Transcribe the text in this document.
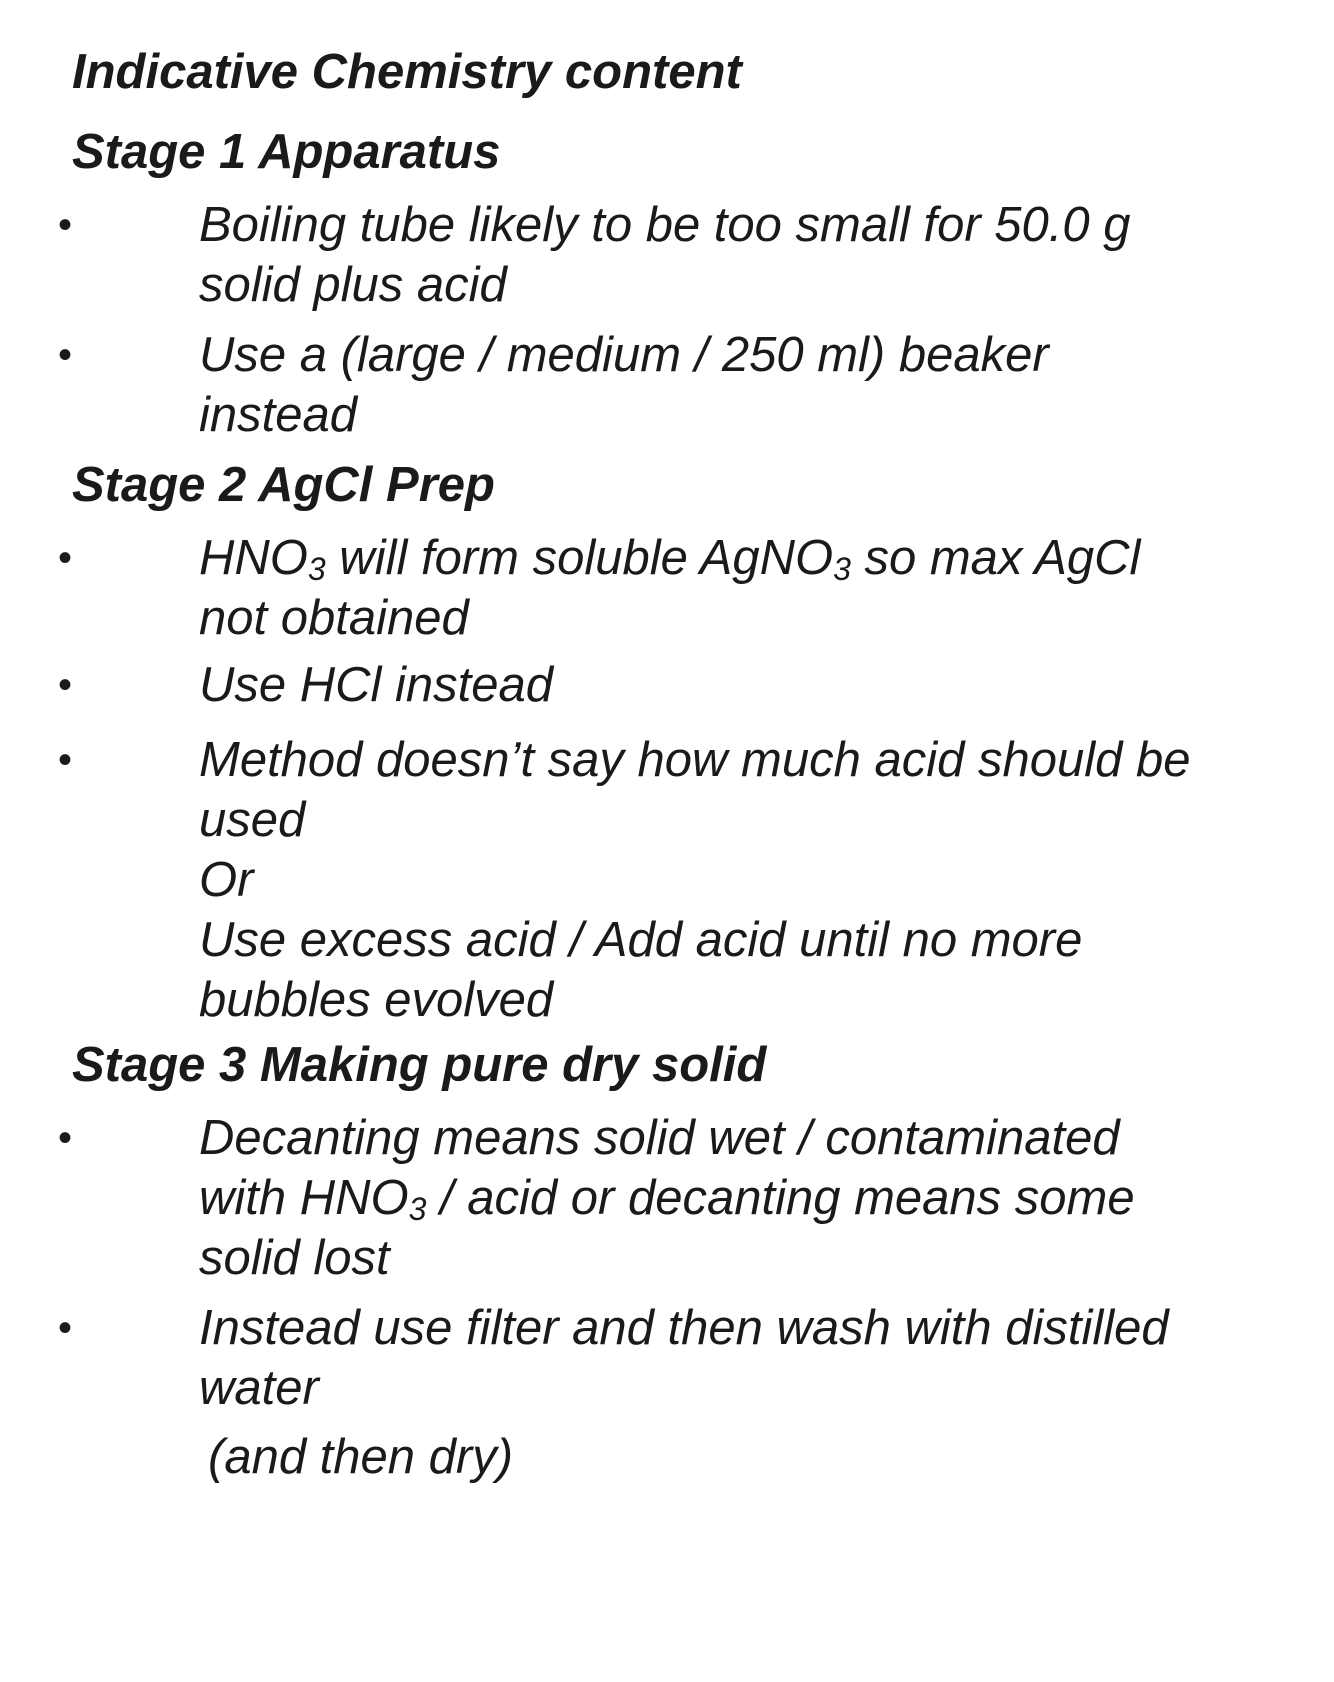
Indicative Chemistry content
Stage 1 Apparatus
•	Boiling tube likely to be too small for 50.0 g
solid plus acid
•	Use a (large / medium / 250 ml) beaker
instead
Stage 2 AgCl Prep
•	$HNO_3$ will form soluble AgNO$_3$ so max AgCl
not obtained
•	Use HCl instead
•	Method doesn’t say how much acid should be
used
Or
Use excess acid / Add acid until no more
bubbles evolved
Stage 3 Making pure dry solid
•	Decanting means solid wet / contaminated
with $HNO_3$ / acid or decanting means some
solid lost
•	Instead use filter and then wash with distilled
water
(and then dry)
